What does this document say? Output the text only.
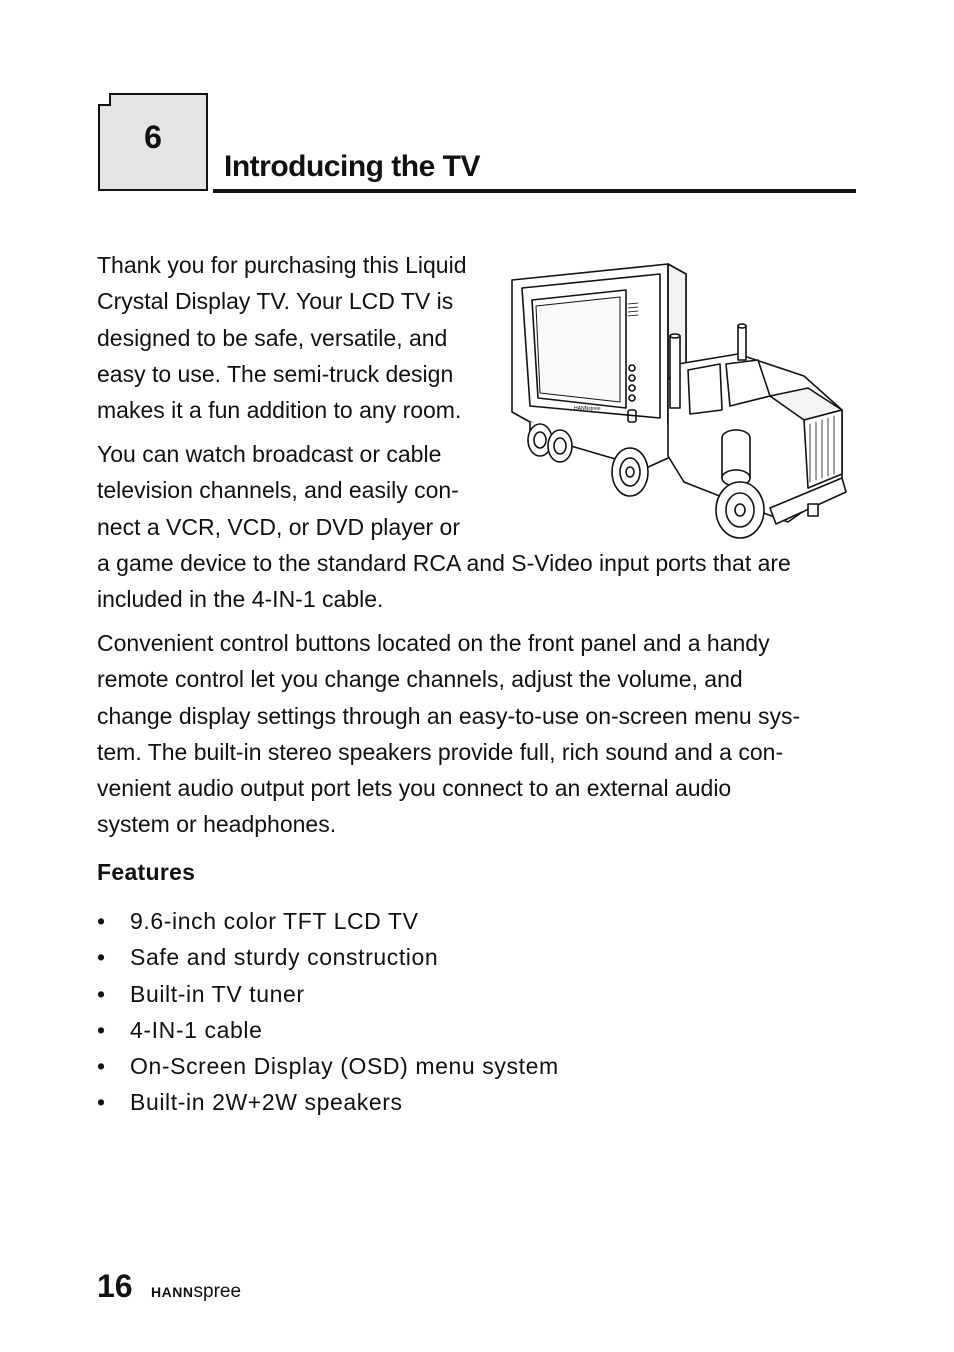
6
Introducing the TV

Thank you for purchasing this Liquid
Crystal Display TV. Your LCD TV is
designed to be safe, versatile, and
easy to use. The semi-truck design
makes it a fun addition to any room.

You can watch broadcast or cable
television channels, and easily con-
nect a VCR, VCD, or DVD player or
a game device to the standard RCA and S-Video input ports that are
included in the 4-IN-1 cable.

Convenient control buttons located on the front panel and a handy
remote control let you change channels, adjust the volume, and
change display settings through an easy-to-use on-screen menu sys-
tem. The built-in stereo speakers provide full, rich sound and a con-
venient audio output port lets you connect to an external audio
system or headphones.

HANNspree
Features
• 9.6-inch color TFT LCD TV
• Safe and sturdy construction
• Built-in TV tuner
• 4-IN-1 cable
• On-Screen Display (OSD) menu system
• Built-in 2W+2W speakers
16 HANNspree
